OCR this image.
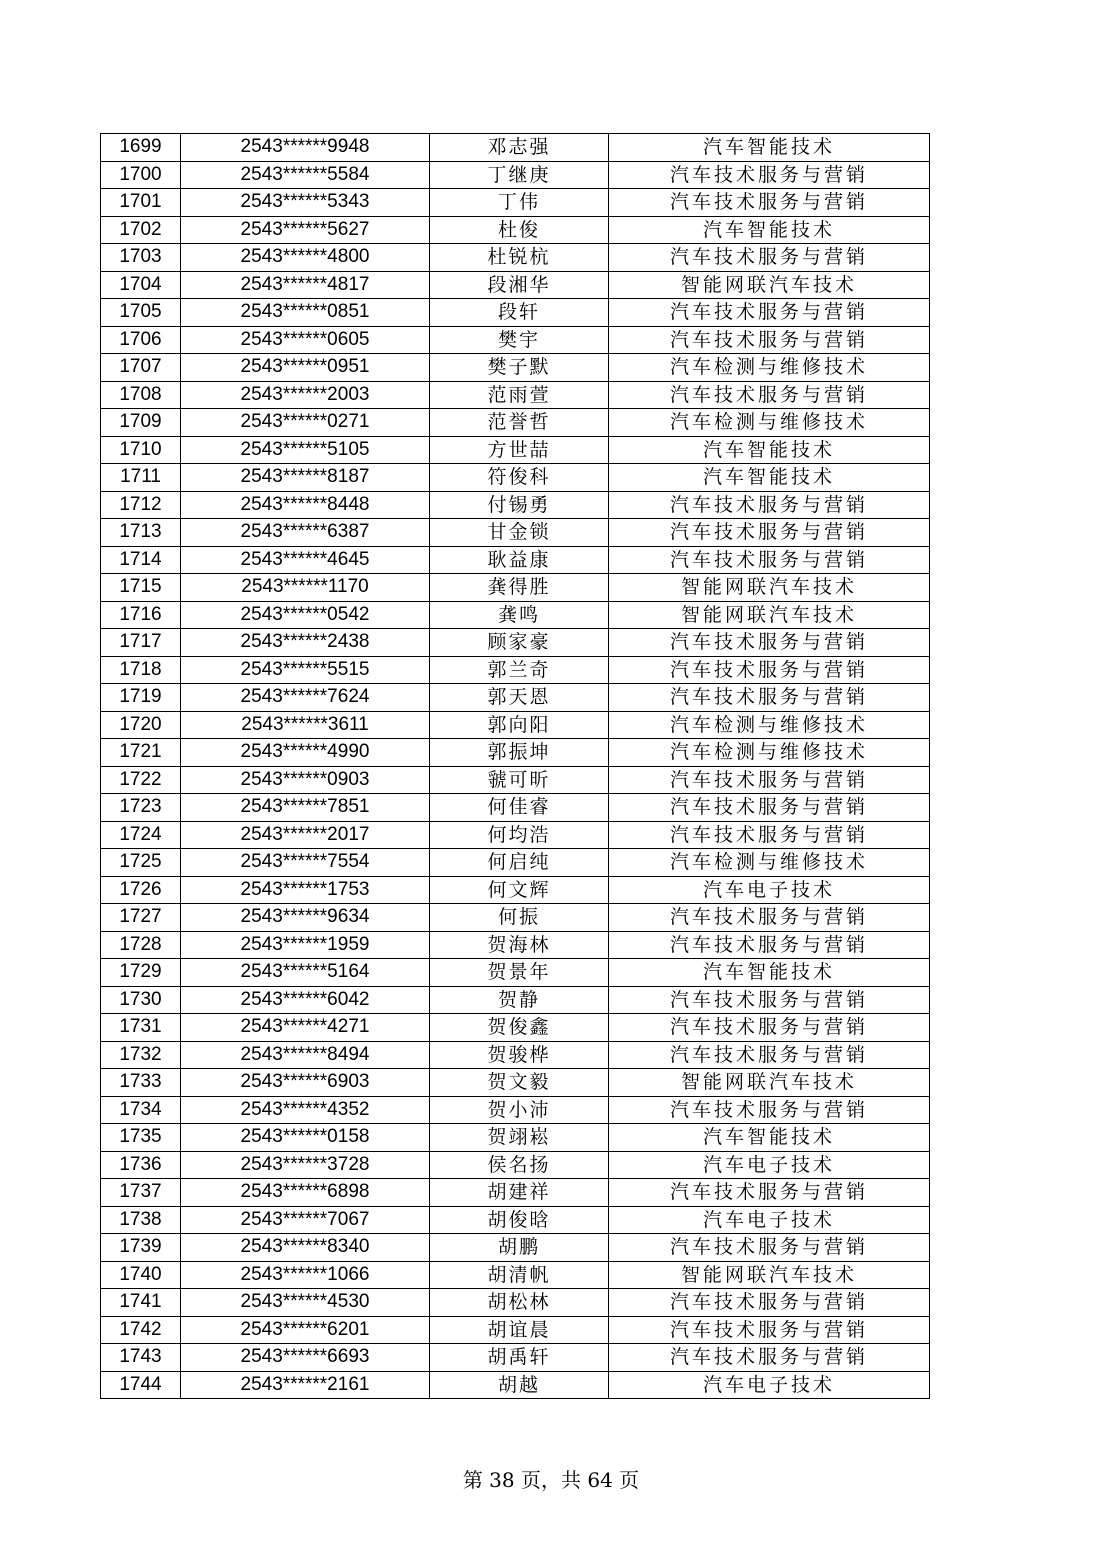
1699	2543******9948	邓志强	汽车智能技术
1700	2543******5584	丁继庚	汽车技术服务与营销
1701	2543******5343	丁伟	汽车技术服务与营销
1702	2543******5627	杜俊	汽车智能技术
1703	2543******4800	杜锐杭	汽车技术服务与营销
1704	2543******4817	段湘华	智能网联汽车技术
1705	2543******0851	段轩	汽车技术服务与营销
1706	2543******0605	樊宇	汽车技术服务与营销
1707	2543******0951	樊子默	汽车检测与维修技术
1708	2543******2003	范雨萱	汽车技术服务与营销
1709	2543******0271	范誉哲	汽车检测与维修技术
1710	2543******5105	方世喆	汽车智能技术
1711	2543******8187	符俊科	汽车智能技术
1712	2543******8448	付锡勇	汽车技术服务与营销
1713	2543******6387	甘金锁	汽车技术服务与营销
1714	2543******4645	耿益康	汽车技术服务与营销
1715	2543******1170	龚得胜	智能网联汽车技术
1716	2543******0542	龚鸣	智能网联汽车技术
1717	2543******2438	顾家豪	汽车技术服务与营销
1718	2543******5515	郭兰奇	汽车技术服务与营销
1719	2543******7624	郭天恩	汽车技术服务与营销
1720	2543******3611	郭向阳	汽车检测与维修技术
1721	2543******4990	郭振坤	汽车检测与维修技术
1722	2543******0903	虢可昕	汽车技术服务与营销
1723	2543******7851	何佳睿	汽车技术服务与营销
1724	2543******2017	何均浩	汽车技术服务与营销
1725	2543******7554	何启纯	汽车检测与维修技术
1726	2543******1753	何文辉	汽车电子技术
1727	2543******9634	何振	汽车技术服务与营销
1728	2543******1959	贺海林	汽车技术服务与营销
1729	2543******5164	贺景年	汽车智能技术
1730	2543******6042	贺静	汽车技术服务与营销
1731	2543******4271	贺俊鑫	汽车技术服务与营销
1732	2543******8494	贺骏桦	汽车技术服务与营销
1733	2543******6903	贺文毅	智能网联汽车技术
1734	2543******4352	贺小沛	汽车技术服务与营销
1735	2543******0158	贺翊崧	汽车智能技术
1736	2543******3728	侯名扬	汽车电子技术
1737	2543******6898	胡建祥	汽车技术服务与营销
1738	2543******7067	胡俊晗	汽车电子技术
1739	2543******8340	胡鹏	汽车技术服务与营销
1740	2543******1066	胡清帆	智能网联汽车技术
1741	2543******4530	胡松林	汽车技术服务与营销
1742	2543******6201	胡谊晨	汽车技术服务与营销
1743	2543******6693	胡禹轩	汽车技术服务与营销
1744	2543******2161	胡越	汽车电子技术
第 38 页，共 64 页
